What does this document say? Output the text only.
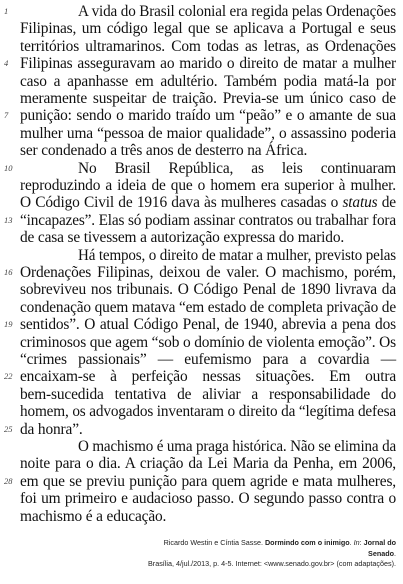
1	A vida do Brasil colonial era regida pelas Ordenações
Filipinas, um código legal que se aplicava a Portugal e seus
territórios ultramarinos. Com todas as letras, as Ordenações
4 Filipinas asseguravam ao marido o direito de matar a mulher
caso a apanhasse em adultério. Também podia matá-la por
meramente suspeitar de traição. Previa-se um único caso de
7 punição: sendo o marido traído um “peão” e o amante de sua
mulher uma “pessoa de maior qualidade”, o assassino poderia
ser condenado a três anos de desterro na África.
10	No Brasil República, as leis continuaram
reproduzindo a ideia de que o homem era superior à mulher.
O Código Civil de 1916 dava às mulheres casadas o status de
13 “incapazes”. Elas só podiam assinar contratos ou trabalhar fora
de casa se tivessem a autorização expressa do marido.
Há tempos, o direito de matar a mulher, previsto pelas
16 Ordenações Filipinas, deixou de valer. O machismo, porém,
sobreviveu nos tribunais. O Código Penal de 1890 livrava da
condenação quem matava “em estado de completa privação de
19 sentidos”. O atual Código Penal, de 1940, abrevia a pena dos
criminosos que agem “sob o domínio de violenta emoção”. Os
“crimes passionais” — eufemismo para a covardia —
22 encaixam-se à perfeição nessas situações. Em outra
bem-sucedida tentativa de aliviar a responsabilidade do
homem, os advogados inventaram o direito da “legítima defesa
25 da honra”.
O machismo é uma praga histórica. Não se elimina da
noite para o dia. A criação da Lei Maria da Penha, em 2006,
28 em que se previu punição para quem agride e mata mulheres,
foi um primeiro e audacioso passo. O segundo passo contra o
machismo é a educação.
Ricardo Westin e Cíntia Sasse. Dormindo com o inimigo. In: Jornal do Senado.
Brasília, 4/jul./2013, p. 4-5. Internet: <www.senado.gov.br> (com adaptações).
